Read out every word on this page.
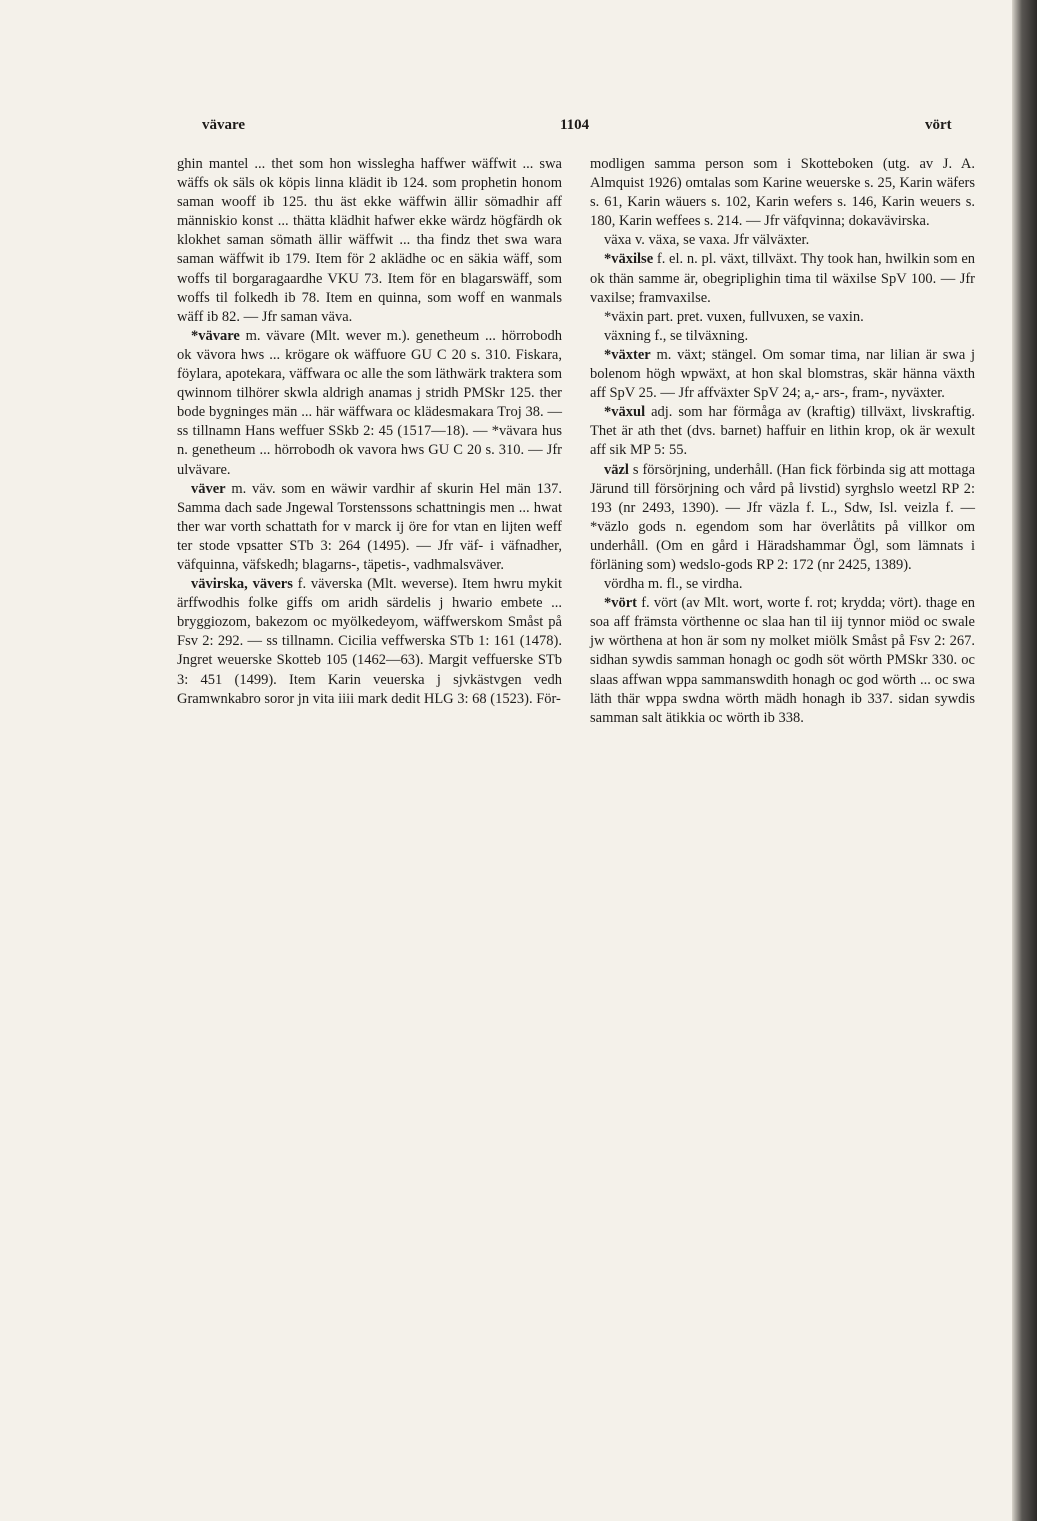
vävare	1104	vört

ghin mantel ... thet som hon wisslegha haffwer wäffwit ... swa wäffs ok säls ok köpis linna klädit ib 124. som prophetin honom saman wooff ib 125. thu äst ekke wäffwin ällir sömadhir aff människio konst ... thätta klädhit hafwer ekke wärdz högfärdh ok klokhet saman sömath ällir wäffwit ... tha findz thet swa wara saman wäffwit ib 179. Item för 2 aklädhe oc en säkia wäff, som woffs til borgaragaardhe VKU 73. Item för en blagarswäff, som woffs til folkedh ib 78. Item en quinna, som woff en wanmals wäff ib 82. — Jfr saman väva.

*vävare m. vävare (Mlt. wever m.). genetheum ... hörrobodh ok vävora hws ... krögare ok wäffuore GU C 20 s. 310. Fiskara, föylara, apotekara, väffwara oc alle the som läthwärk traktera som qwinnom tilhörer skwla aldrigh anamas j stridh PMSkr 125. ther bode bygninges män ... här wäffwara oc klädesmakara Troj 38. — ss tillnamn Hans weffuer SSkb 2: 45 (1517—18). — *vävara hus n. genetheum ... hörrobodh ok vavora hws GU C 20 s. 310. — Jfr ulvävare.

väver m. väv. som en wäwir vardhir af skurin Hel män 137. Samma dach sade Jngewal Torstenssons schattningis men ... hwat ther war vorth schattath for v marck ij öre for vtan en lijten weff ter stode vpsatter STb 3: 264 (1495). — Jfr väf- i väfnadher, väfquinna, väfskedh; blagarns-, täpetis-, vadhmalsväver.

vävirska, vävers f. väverska (Mlt. weverse). Item hwru mykit ärffwodhis folke giffs om aridh särdelis j hwario embete ... bryggiozom, bakezom oc myölkedeyom, wäffwerskom Småst på Fsv 2: 292. — ss tillnamn. Cicilia veffwerska STb 1: 161 (1478). Jngret weuerske Skotteb 105 (1462—63). Margit veffuerske STb 3: 451 (1499). Item Karin veuerska j sjvkästvgen vedh Gramwnkabro soror jn vita iiii mark dedit HLG 3: 68 (1523). För-

modligen samma person som i Skotteboken (utg. av J. A. Almquist 1926) omtalas som Karine weuerske s. 25, Karin wäfers s. 61, Karin wäuers s. 102, Karin wefers s. 146, Karin weuers s. 180, Karin weffees s. 214. — Jfr väfqvinna; dokavävirska.

växa v. växa, se vaxa. Jfr välväxter.

*växilse f. el. n. pl. växt, tillväxt. Thy took han, hwilkin som en ok thän samme är, obegriplighin tima til wäxilse SpV 100. — Jfr vaxilse; framvaxilse.

*växin part. pret. vuxen, fullvuxen, se vaxin.

växning f., se tilväxning.

*växter m. växt; stängel. Om somar tima, nar lilian är swa j bolenom högh wpwäxt, at hon skal blomstras, skär hänna växth aff SpV 25. — Jfr affväxter SpV 24; a,- ars-, fram-, nyväxter.

*växul adj. som har förmåga av (kraftig) tillväxt, livskraftig. Thet är ath thet (dvs. barnet) haffuir en lithin krop, ok är wexult aff sik MP 5: 55.

väzl s försörjning, underhåll. (Han fick förbinda sig att mottaga Järund till försörjning och vård på livstid) syrghslo weetzl RP 2: 193 (nr 2493, 1390). — Jfr väzla f. L., Sdw, Isl. veizla f. — *väzlo gods n. egendom som har överlåtits på villkor om underhåll. (Om en gård i Häradshammar Ögl, som lämnats i förläning som) wedslo-gods RP 2: 172 (nr 2425, 1389).

vördha m. fl., se virdha.

*vört f. vört (av Mlt. wort, worte f. rot; krydda; vört). thage en soa aff främsta vörthenne oc slaa han til iij tynnor miöd oc swale jw wörthena at hon är som ny molket miölk Småst på Fsv 2: 267. sidhan sywdis samman honagh oc godh söt wörth PMSkr 330. oc slaas affwan wppa sammanswdith honagh oc god wörth ... oc swa läth thär wppa swdna wörth mädh honagh ib 337. sidan sywdis samman salt ätikkia oc wörth ib 338.
